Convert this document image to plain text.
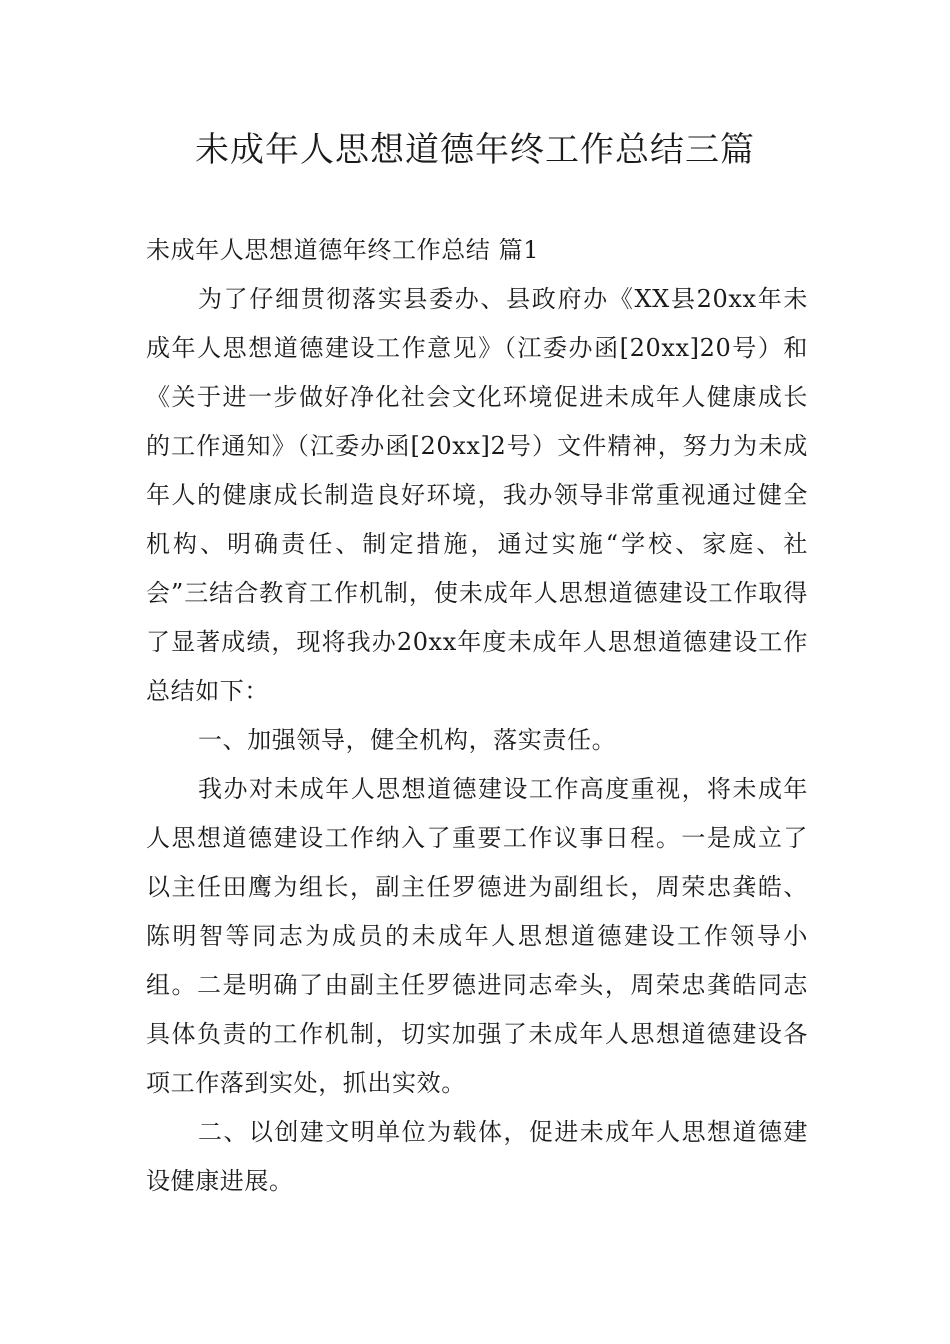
未成年人思想道德年终工作总结三篇

未成年人思想道德年终工作总结 篇1

为了仔细贯彻落实县委办、县政府办《XX县20xx年未成年人思想道德建设工作意见》（江委办函[20xx]20号）和《关于进一步做好净化社会文化环境促进未成年人健康成长的工作通知》（江委办函[20xx]2号）文件精神，努力为未成年人的健康成长制造良好环境，我办领导非常重视通过健全机构、明确责任、制定措施，通过实施“学校、家庭、社会”三结合教育工作机制，使未成年人思想道德建设工作取得了显著成绩，现将我办20xx年度未成年人思想道德建设工作总结如下：

一、加强领导，健全机构，落实责任。

我办对未成年人思想道德建设工作高度重视，将未成年人思想道德建设工作纳入了重要工作议事日程。一是成立了以主任田鹰为组长，副主任罗德进为副组长，周荣忠龚皓、陈明智等同志为成员的未成年人思想道德建设工作领导小组。二是明确了由副主任罗德进同志牵头，周荣忠龚皓同志具体负责的工作机制，切实加强了未成年人思想道德建设各项工作落到实处，抓出实效。

二、以创建文明单位为载体，促进未成年人思想道德建设健康进展。
